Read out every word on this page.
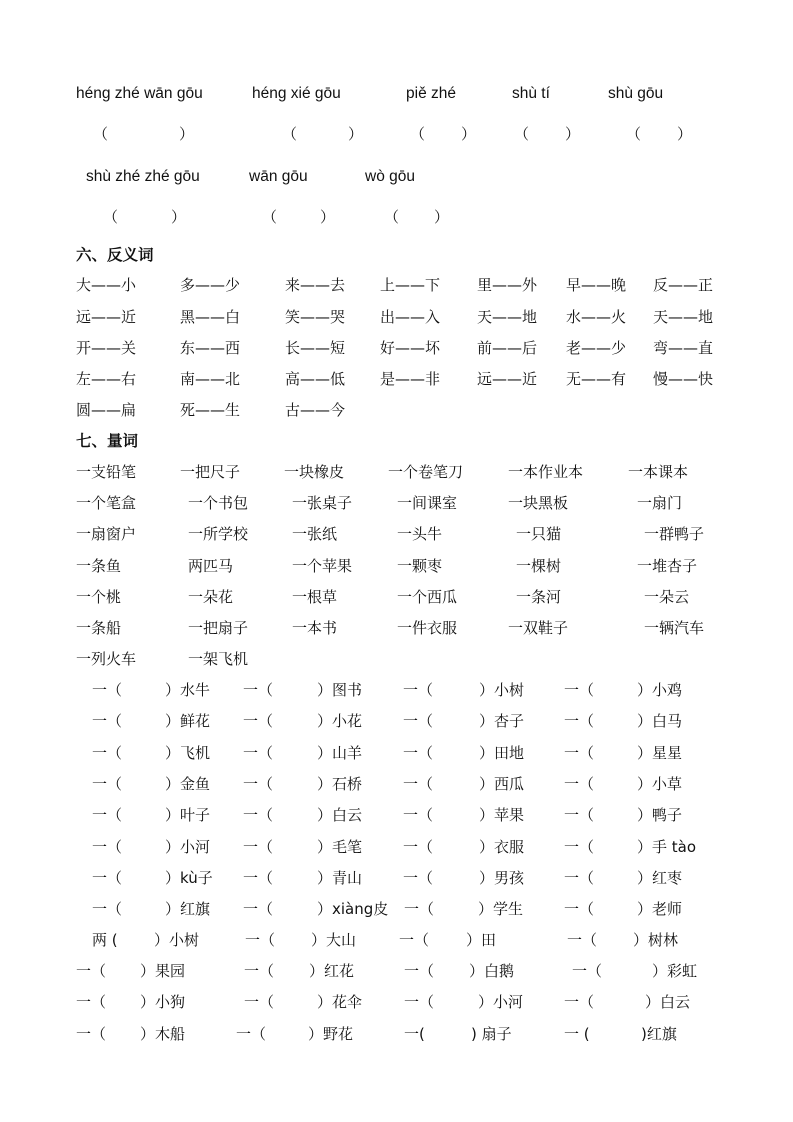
héng zhé wān gōu	héng xié gōu	piě zhé	shù tí	shù gōu
（	）	（	）	（ ）	（ ）	（ ）
shù zhé zhé gōu	wān gōu	wò gōu
（	）	（	）	（ ）
六、反义词
大——小	多——少	来——去 上——下 里——外 早——晚 反——正
远——近	黑——白	笑——哭 出——入 天——地 水——火 天——地
开——关	东——西	长——短 好——坏 前——后 老——少 弯——直
左——右	南——北	高——低 是——非 远——近 无——有 慢——快
圆——扁	死——生	古——今
七、量词
一支铅笔	一把尺子	一块橡皮	一个卷笔刀	一本作业本	一本课本
一个笔盒	一个书包	一张桌子	一间课室	一块黑板	一扇门
一扇窗户	一所学校	一张纸	一头牛	一只猫	一群鸭子
一条鱼	两匹马	一个苹果	一颗枣	一棵树	一堆杏子
一个桃	一朵花	一根草	一个西瓜	一条河	一朵云
一条船	一把扇子	一本书	一件衣服	一双鞋子	一辆汽车
一列火车	一架飞机
一（	）水牛 一（	）图书	一（	）小树	一（	）小鸡
一（	）鲜花 一（	）小花	一（	）杏子	一（	）白马
一（	）飞机 一（	）山羊	一（	）田地	一（	）星星
一（	）金鱼 一（	）石桥	一（	）西瓜	一（	）小草
一（	）叶子 一（	）白云	一（	）苹果	一（	）鸭子
一（	）小河 一（	）毛笔	一（	）衣服	一（	）手 tào
一（	）kù子 一（	）青山	一（	）男孩	一（	）红枣
一（	）红旗 一（	）xiàng皮 一（	）学生	一（	）老师
两 ( ）小树	一（ ）大山	一（ ）田	一（ ）树林
一（ ）果园	一（ ）红花	一（ ）白鹅	一（	）彩虹
一（ ）小狗	一（	）花伞	一（	）小河	一（	）白云
一（ ）木船	一（	）野花	一(	) 扇子	一 (	)红旗
